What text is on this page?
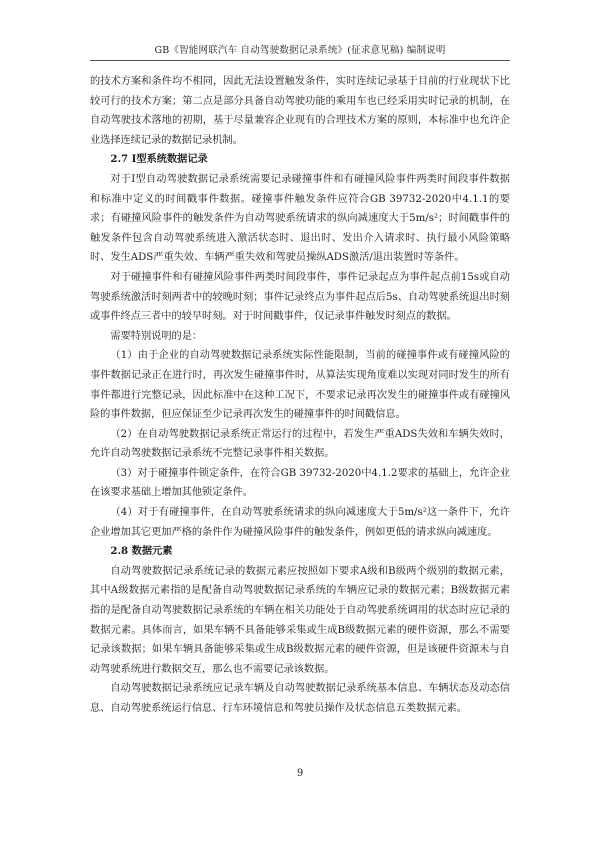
GB《智能网联汽车 自动驾驶数据记录系统》(征求意见稿) 编制说明

的技术方案和条件均不相同，因此无法设置触发条件，实时连续记录基于目前的行业现状下比较可行的技术方案；第二点是部分具备自动驾驶功能的乘用车也已经采用实时记录的机制，在自动驾驶技术落地的初期，基于尽量兼容企业现有的合理技术方案的原则，本标准中也允许企业选择连续记录的数据记录机制。

2.7 I型系统数据记录

对于I型自动驾驶数据记录系统需要记录碰撞事件和有碰撞风险事件两类时间段事件数据和标准中定义的时间戳事件数据。碰撞事件触发条件应符合GB 39732-2020中4.1.1的要求；有碰撞风险事件的触发条件为自动驾驶系统请求的纵向减速度大于5m/s²；时间戳事件的触发条件包含自动驾驶系统进入激活状态时、退出时、发出介入请求时、执行最小风险策略时、发生ADS严重失效、车辆严重失效和驾驶员操纵ADS激活/退出装置时等条件。

对于碰撞事件和有碰撞风险事件两类时间段事件，事件记录起点为事件起点前15s或自动驾驶系统激活时刻两者中的较晚时刻；事件记录终点为事件起点后5s、自动驾驶系统退出时刻或事件终点三者中的较早时刻。对于时间戳事件，仅记录事件触发时刻点的数据。

需要特别说明的是：

（1）由于企业的自动驾驶数据记录系统实际性能限制，当前的碰撞事件或有碰撞风险的事件数据记录正在进行时，再次发生碰撞事件时，从算法实现角度难以实现对同时发生的所有事件都进行完整记录，因此标准中在这种工况下，不要求记录再次发生的碰撞事件或有碰撞风险的事件数据，但应保证至少记录再次发生的碰撞事件的时间戳信息。

（2）在自动驾驶数据记录系统正常运行的过程中，若发生严重ADS失效和车辆失效时，允许自动驾驶数据记录系统不完整记录事件相关数据。

（3）对于碰撞事件锁定条件，在符合GB 39732-2020中4.1.2要求的基础上，允许企业在该要求基础上增加其他锁定条件。

（4）对于有碰撞事件，在自动驾驶系统请求的纵向减速度大于5m/s²这一条件下，允许企业增加其它更加严格的条件作为碰撞风险事件的触发条件，例如更低的请求纵向减速度。

2.8 数据元素

自动驾驶数据记录系统记录的数据元素应按照如下要求A级和B级两个级别的数据元素，其中A级数据元素指的是配备自动驾驶数据记录系统的车辆应记录的数据元素；B级数据元素指的是配备自动驾驶数据记录系统的车辆在相关功能处于自动驾驶系统调用的状态时应记录的数据元素。具体而言，如果车辆不具备能够采集或生成B级数据元素的硬件资源，那么不需要记录该数据；如果车辆具备能够采集或生成B级数据元素的硬件资源，但是该硬件资源未与自动驾驶系统进行数据交互，那么也不需要记录该数据。

自动驾驶数据记录系统应记录车辆及自动驾驶数据记录系统基本信息、车辆状态及动态信息、自动驾驶系统运行信息、行车环境信息和驾驶员操作及状态信息五类数据元素。

9
